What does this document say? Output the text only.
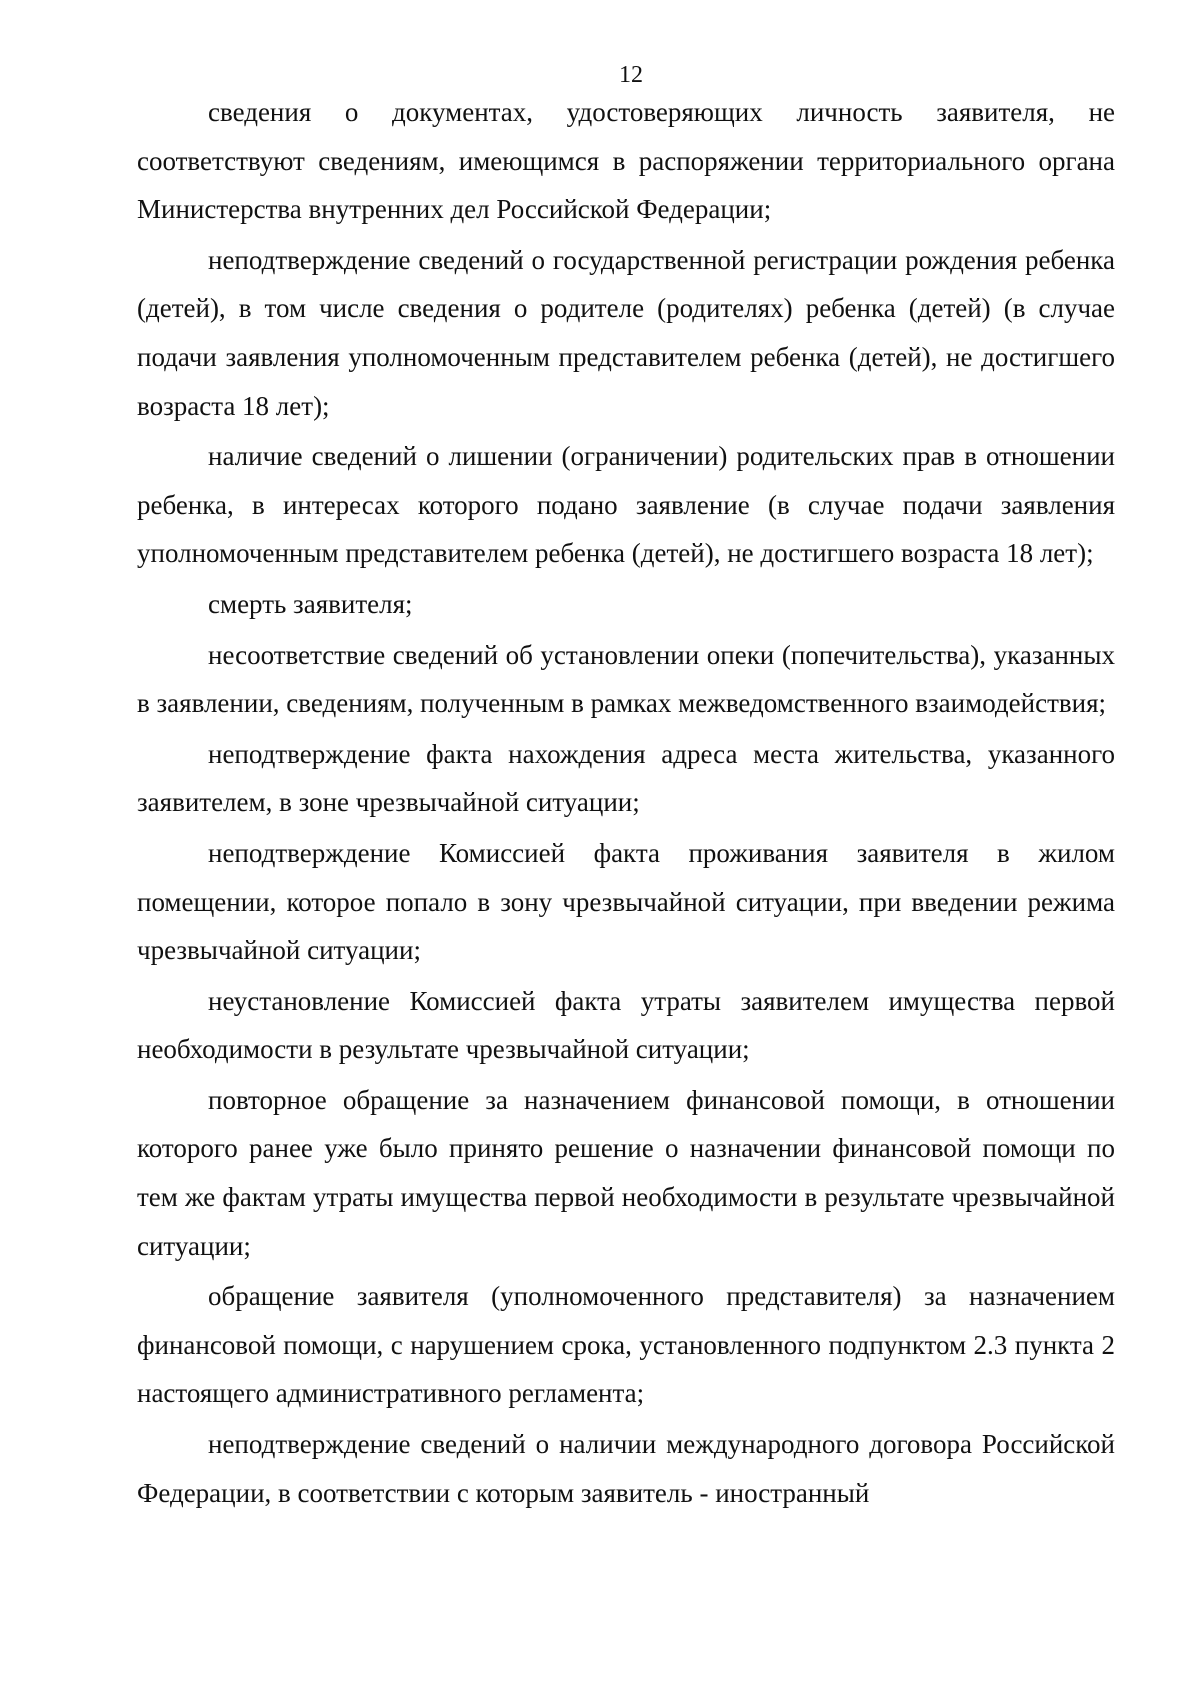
12

сведения о документах, удостоверяющих личность заявителя, не соответствуют сведениям, имеющимся в распоряжении территориального органа Министерства внутренних дел Российской Федерации;

неподтверждение сведений о государственной регистрации рождения ребенка (детей), в том числе сведения о родителе (родителях) ребенка (детей) (в случае подачи заявления уполномоченным представителем ребенка (детей), не достигшего возраста 18 лет);

наличие сведений о лишении (ограничении) родительских прав в отношении ребенка, в интересах которого подано заявление (в случае подачи заявления уполномоченным представителем ребенка (детей), не достигшего возраста 18 лет);

смерть заявителя;

несоответствие сведений об установлении опеки (попечительства), указанных в заявлении, сведениям, полученным в рамках межведомственного взаимодействия;

неподтверждение факта нахождения адреса места жительства, указанного заявителем, в зоне чрезвычайной ситуации;

неподтверждение Комиссией факта проживания заявителя в жилом помещении, которое попало в зону чрезвычайной ситуации, при введении режима чрезвычайной ситуации;

неустановление Комиссией факта утраты заявителем имущества первой необходимости в результате чрезвычайной ситуации;

повторное обращение за назначением финансовой помощи, в отношении которого ранее уже было принято решение о назначении финансовой помощи по тем же фактам утраты имущества первой необходимости в результате чрезвычайной ситуации;

обращение заявителя (уполномоченного представителя) за назначением финансовой помощи, с нарушением срока, установленного подпунктом 2.3 пункта 2 настоящего административного регламента;

неподтверждение сведений о наличии международного договора Российской Федерации, в соответствии с которым заявитель - иностранный
